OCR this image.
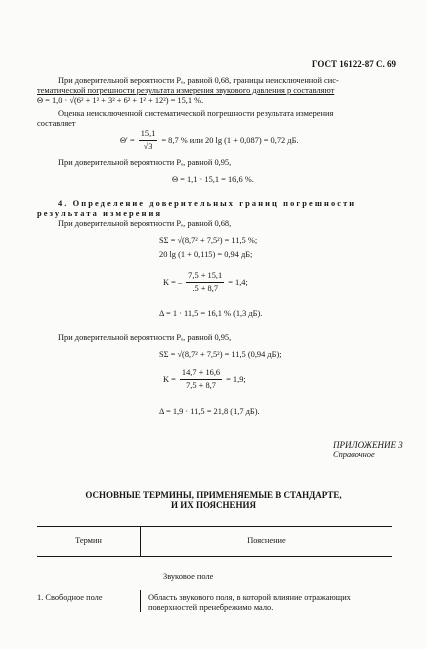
ГОСТ 16122-87 С. 69
При доверительной вероятности Pₑ, равной 0,68, границы неисключенной сис-
тематической погрешности результата измерения звукового давления p составляют
Θ = 1,0 · √(6² + 1² + 3² + 6² + 1² + 12²) = 15,1 %.
Оценка неисключенной систематической погрешности результата измерения
составляет
$\Theta' = \frac{15,1}{√3} = 8,7$ % или 20 lg (1 + 0,087) = 0,72 дБ.
При доверительной вероятности Pₑ, равной 0,95,
Θ = 1,1 · 15,1 = 16,6 %.
4. Определение доверительных границ погрешности
результата измерения
При доверительной вероятности Pₑ, равной 0,68,
SΣ = √(8,7² + 7,5²) = 11,5 %;
20 lg (1 + 0,115) = 0,94 дБ;
K = – $\frac{7,5 + 15,1}{.5 + 8,7} = 1,4$;
Δ = 1 · 11,5 = 16,1 % (1,3 дБ).
При доверительной вероятности Pₑ, равной 0,95,
SΣ = √(8,7² + 7,5²) = 11,5 (0,94 дБ);
$K = \frac{14,7 + 16,6}{7,5 + 8,7} = 1,9$;
Δ = 1,9 · 11,5 = 21,8 (1,7 дБ).
ПРИЛОЖЕНИЕ 3
Справочное
ОСНОВНЫЕ ТЕРМИНЫ, ПРИМЕНЯЕМЫЕ В СТАНДАРТЕ,
И ИХ ПОЯСНЕНИЯ
Термин	Пояснение
Звуковое поле
1. Свободное поле	Область звукового поля, в которой влияние отражающих
поверхностей пренебрежимо мало.
